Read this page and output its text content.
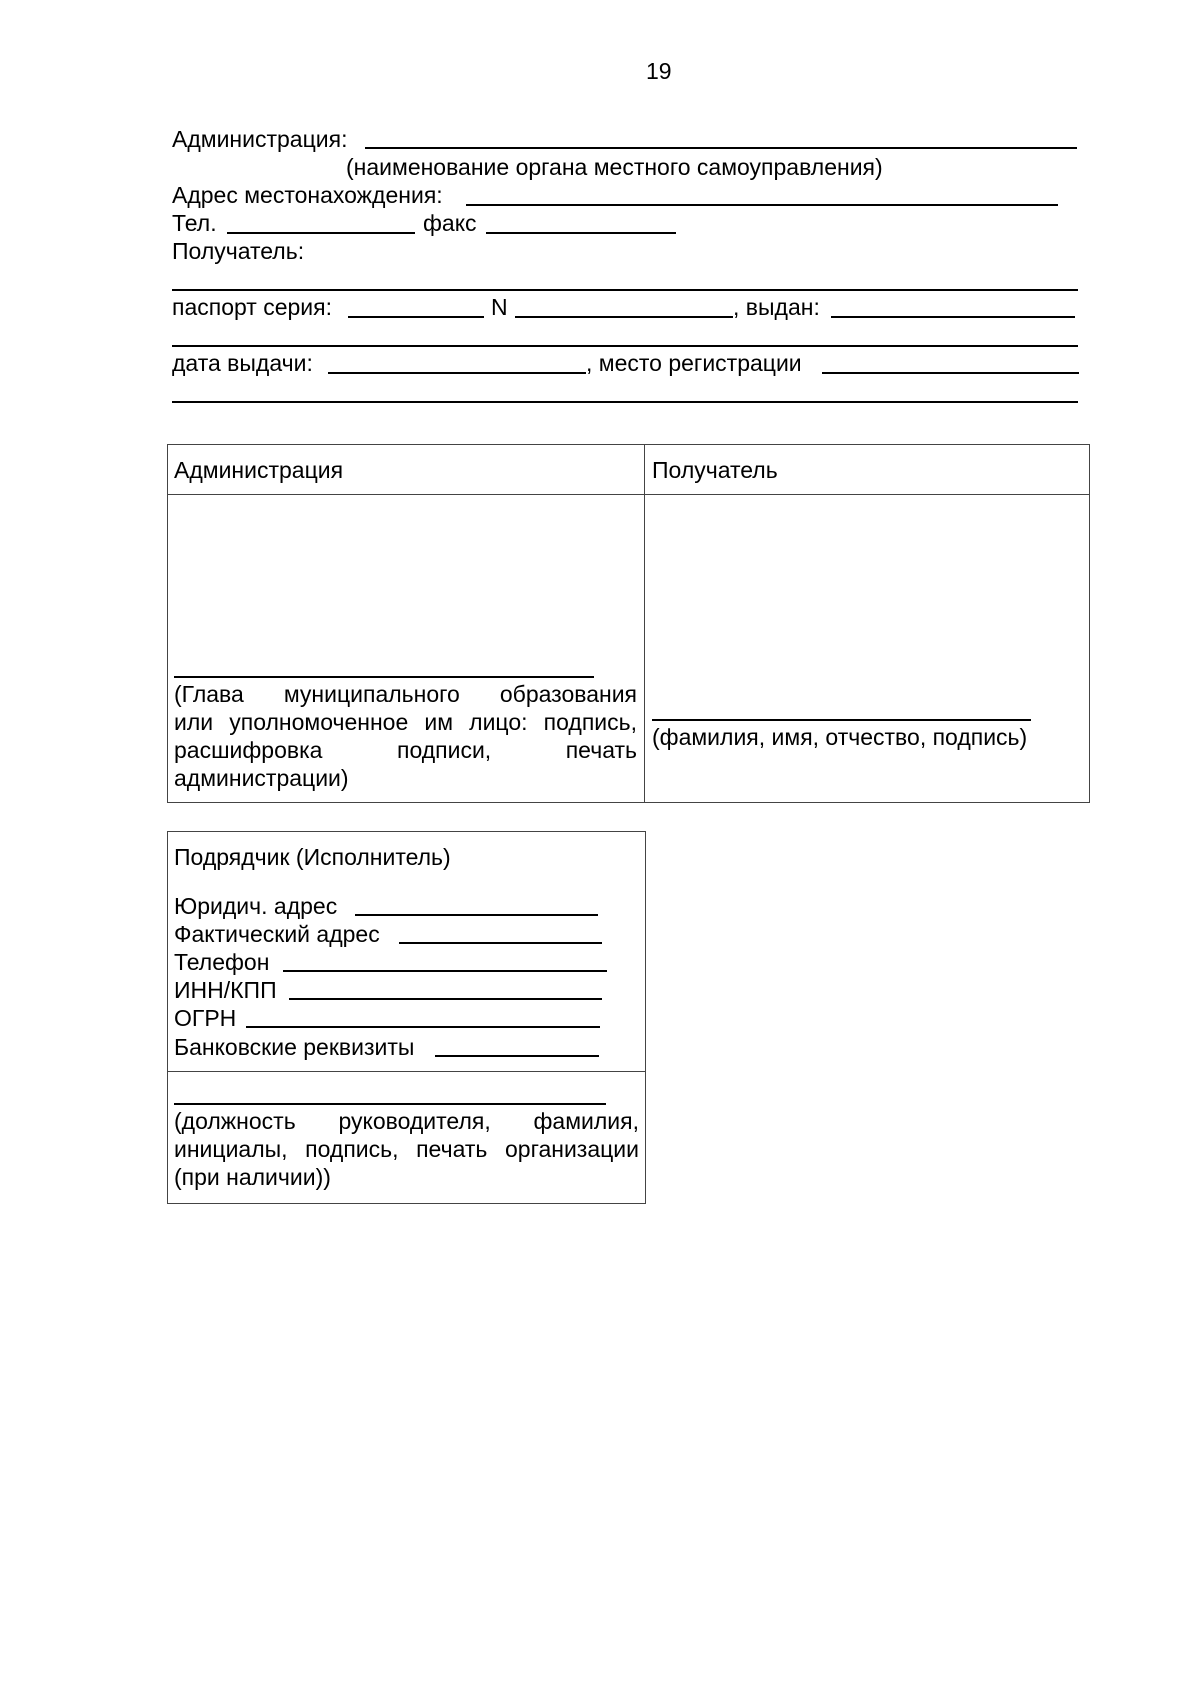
19
Администрация:
(наименование органа местного самоуправления)
Адрес местонахождения:
Тел.	факс
Получатель:
паспорт серия:	N	, выдан:
дата выдачи:	, место регистрации
Администрация	Получатель
(Глава муниципального образования
или уполномоченное им лицо: подпись,
расшифровка подписи, печать
администрации)
(фамилия, имя, отчество, подпись)
Подрядчик (Исполнитель)
Юридич. адрес
Фактический адрес
Телефон
ИНН/КПП
ОГРН
Банковские реквизиты
(должность руководителя, фамилия,
инициалы, подпись, печать организации
(при наличии))
